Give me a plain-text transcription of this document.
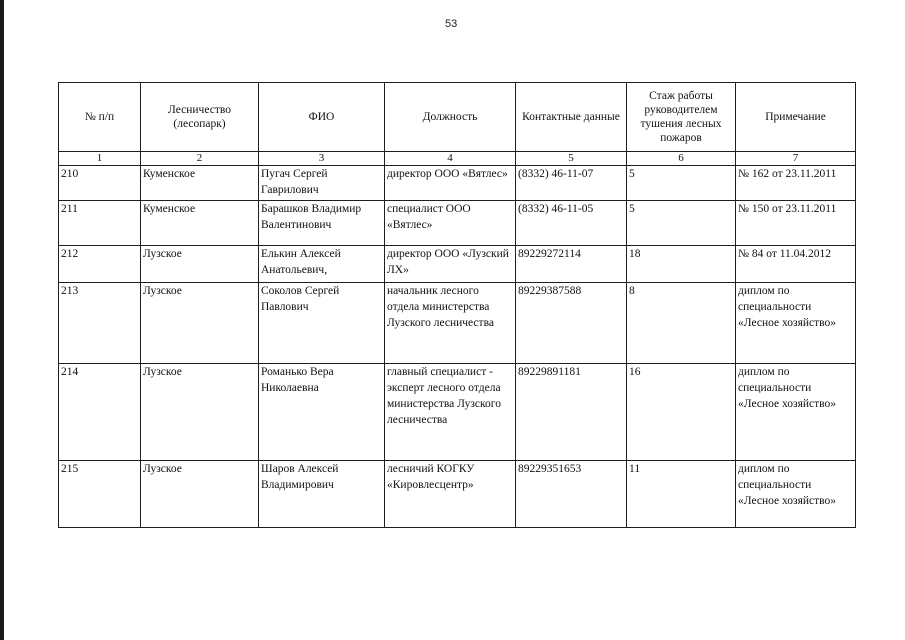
53
№ п/п	Лесничество (лесопарк)	ФИО	Должность	Контактные данные	Стаж работы руководителем тушения лесных пожаров	Примечание
1	2	3	4	5	6	7
210	Куменское	Пугач Сергей Гаврилович	директор ООО «Вятлес»	(8332) 46-11-07	5	№ 162 от 23.11.2011
211	Куменское	Барашков Владимир Валентинович	специалист ООО «Вятлес»	(8332) 46-11-05	5	№ 150 от 23.11.2011
212	Лузское	Елькин Алексей Анатольевич,	директор ООО «Лузский ЛХ»	89229272114	18	№ 84 от 11.04.2012
213	Лузское	Соколов Сергей Павлович	начальник лесного отдела министерства Лузского лесничества	89229387588	8	диплом по специальности «Лесное хозяйство»
214	Лузское	Романько Вера Николаевна	главный специалист - эксперт лесного отдела министерства Лузского лесничества	89229891181	16	диплом по специальности «Лесное хозяйство»
215	Лузское	Шаров Алексей Владимирович	лесничий КОГКУ «Кировлесцентр»	89229351653	11	диплом по специальности «Лесное хозяйство»
